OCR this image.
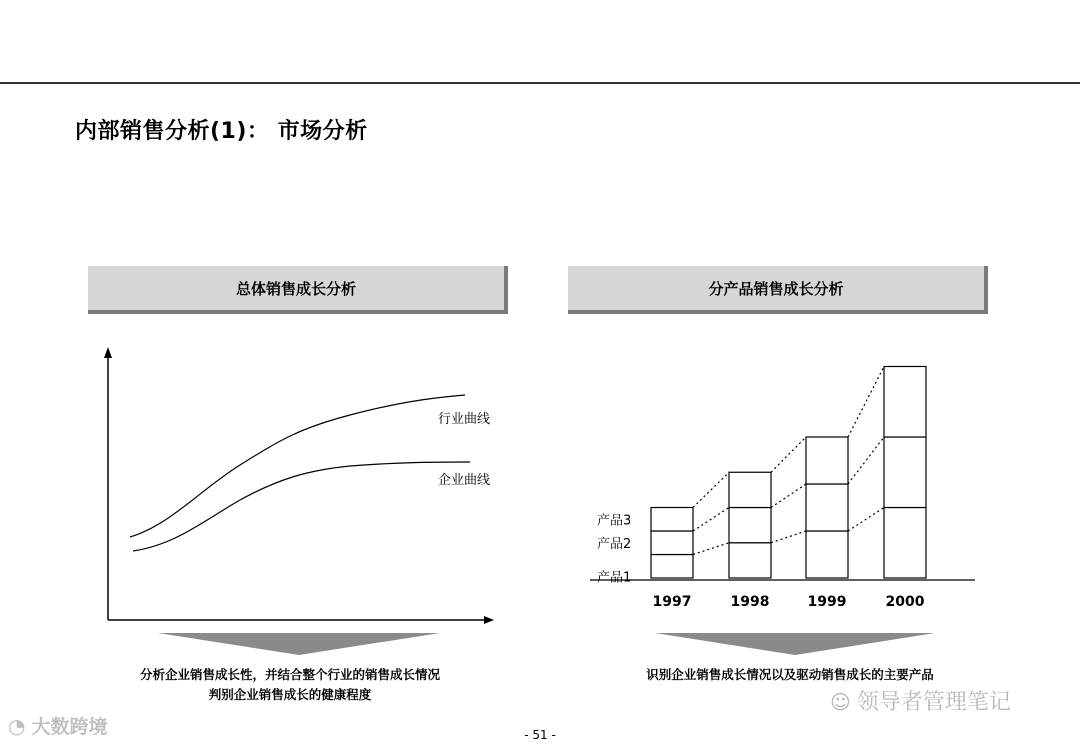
内部销售分析(1)： 市场分析
总体销售成长分析	分产品销售成长分析
行业曲线
企业曲线
1997	1998	1999	2000
产品1
产品2
产品3
分析企业销售成长性，并结合整个行业的销售成长情况
判别企业销售成长的健康程度
识别企业销售成长情况以及驱动销售成长的主要产品
- 51 -
◔ 大数跨境
☺ 领导者管理笔记
